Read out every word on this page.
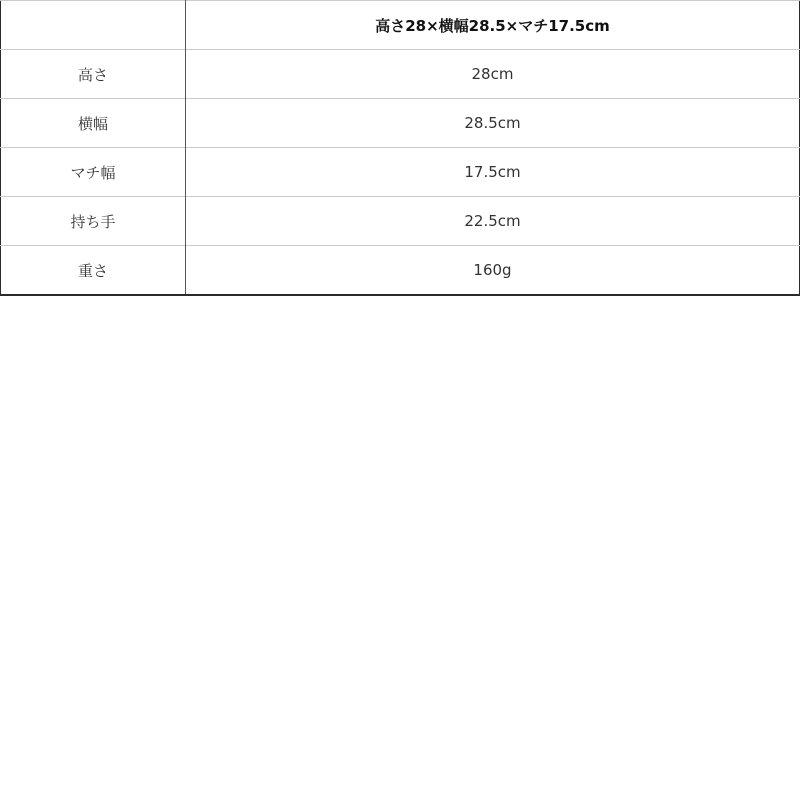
	高さ28×横幅28.5×マチ17.5cm
高さ	28cm
横幅	28.5cm
マチ幅	17.5cm
持ち手	22.5cm
重さ	160g
